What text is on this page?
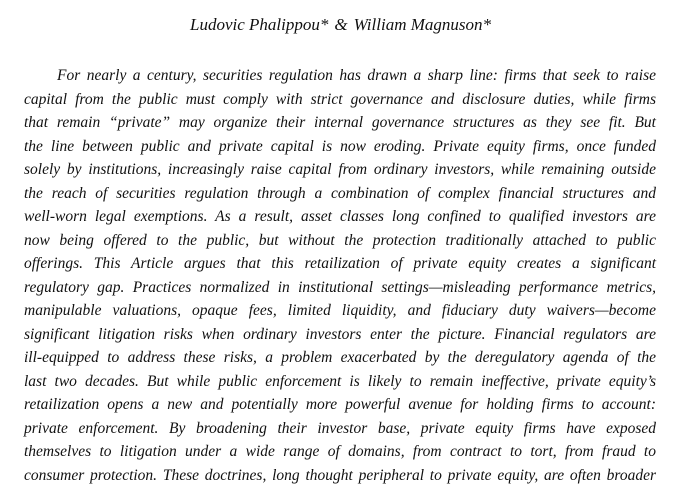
Ludovic Phalippou* & William Magnuson*
For nearly a century, securities regulation has drawn a sharp line: firms that seek to raise
capital from the public must comply with strict governance and disclosure duties, while firms
that remain “private” may organize their internal governance structures as they see fit. But
the line between public and private capital is now eroding. Private equity firms, once funded
solely by institutions, increasingly raise capital from ordinary investors, while remaining outside
the reach of securities regulation through a combination of complex financial structures and
well-worn legal exemptions. As a result, asset classes long confined to qualified investors are
now being offered to the public, but without the protection traditionally attached to public
offerings. This Article argues that this retailization of private equity creates a significant
regulatory gap. Practices normalized in institutional settings—misleading performance metrics,
manipulable valuations, opaque fees, limited liquidity, and fiduciary duty waivers—become
significant litigation risks when ordinary investors enter the picture. Financial regulators are
ill-equipped to address these risks, a problem exacerbated by the deregulatory agenda of the
last two decades. But while public enforcement is likely to remain ineffective, private equity’s
retailization opens a new and potentially more powerful avenue for holding firms to account:
private enforcement. By broadening their investor base, private equity firms have exposed
themselves to litigation under a wide range of domains, from contract to tort, from fraud to
consumer protection. These doctrines, long thought peripheral to private equity, are often broader
